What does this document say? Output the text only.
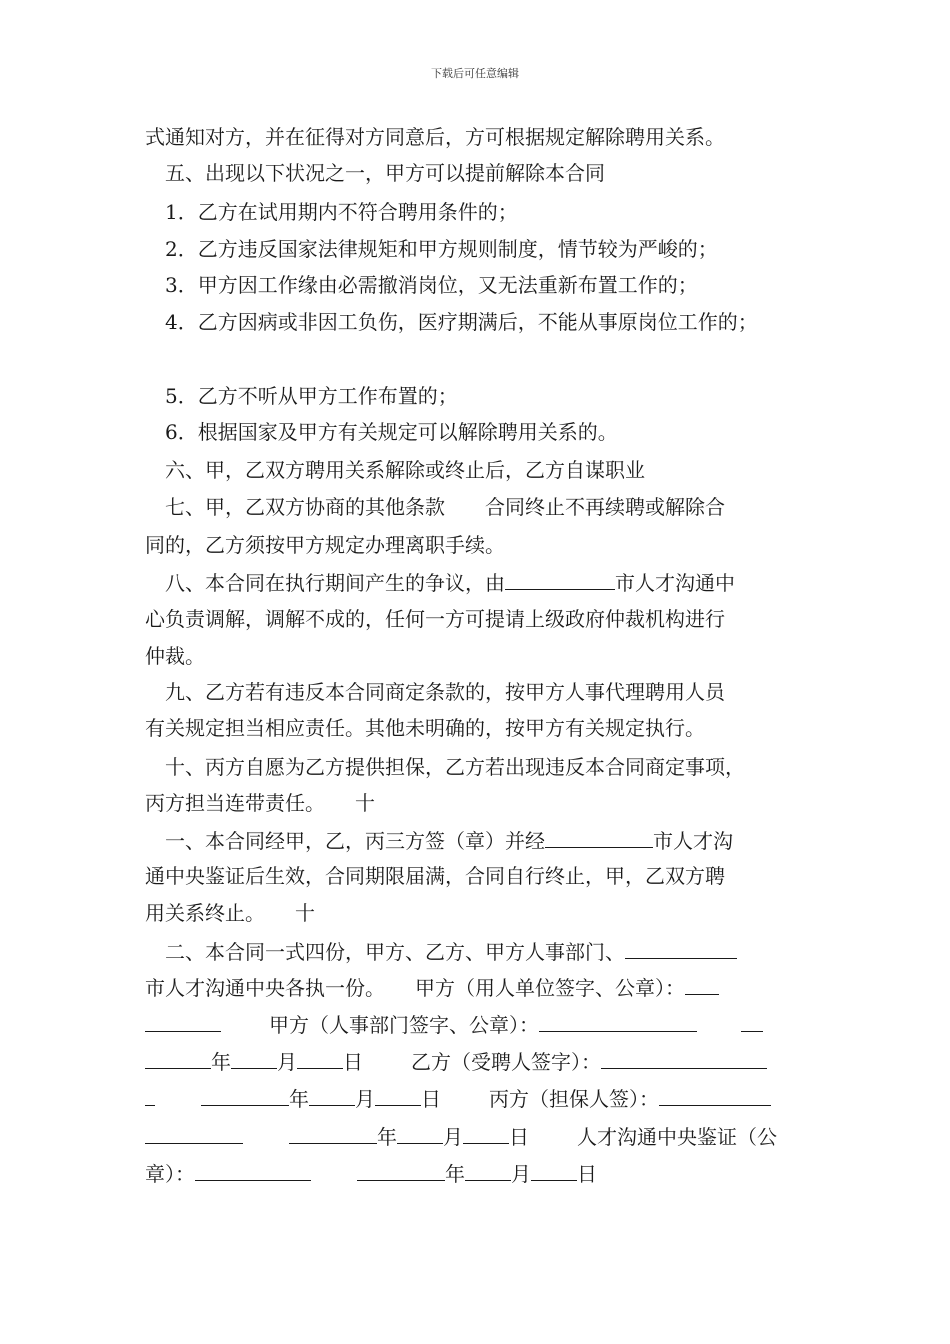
下载后可任意编辑
式通知对方，并在征得对方同意后，方可根据规定解除聘用关系。
五、出现以下状况之一，甲方可以提前解除本合同
1．乙方在试用期内不符合聘用条件的；
2．乙方违反国家法律规矩和甲方规则制度，情节较为严峻的；
3．甲方因工作缘由必需撤消岗位，又无法重新布置工作的；
4．乙方因病或非因工负伤，医疗期满后，不能从事原岗位工作的；
5．乙方不听从甲方工作布置的；
6．根据国家及甲方有关规定可以解除聘用关系的。
六、甲，乙双方聘用关系解除或终止后，乙方自谋职业
七、甲，乙双方协商的其他条款　　合同终止不再续聘或解除合
同的，乙方须按甲方规定办理离职手续。
八、本合同在执行期间产生的争议，由	市人才沟通中
心负责调解，调解不成的，任何一方可提请上级政府仲裁机构进行
仲裁。
九、乙方若有违反本合同商定条款的，按甲方人事代理聘用人员
有关规定担当相应责任。其他未明确的，按甲方有关规定执行。
十、丙方自愿为乙方提供担保，乙方若出现违反本合同商定事项，
丙方担当连带责任。　　十
一、本合同经甲，乙，丙三方签（章）并经	市人才沟
通中央鉴证后生效，合同期限届满，合同自行终止，甲，乙双方聘
用关系终止。　　十
二、本合同一式四份，甲方、乙方、甲方人事部门、
市人才沟通中央各执一份。　　甲方（用人单位签字、公章）：
甲方（人事部门签字、公章）：
年 月 日 乙方（受聘人签字）：
年 月 日 丙方（担保人签）：
年 月 日 人才沟通中央鉴证（公
章）：	年 月 日
